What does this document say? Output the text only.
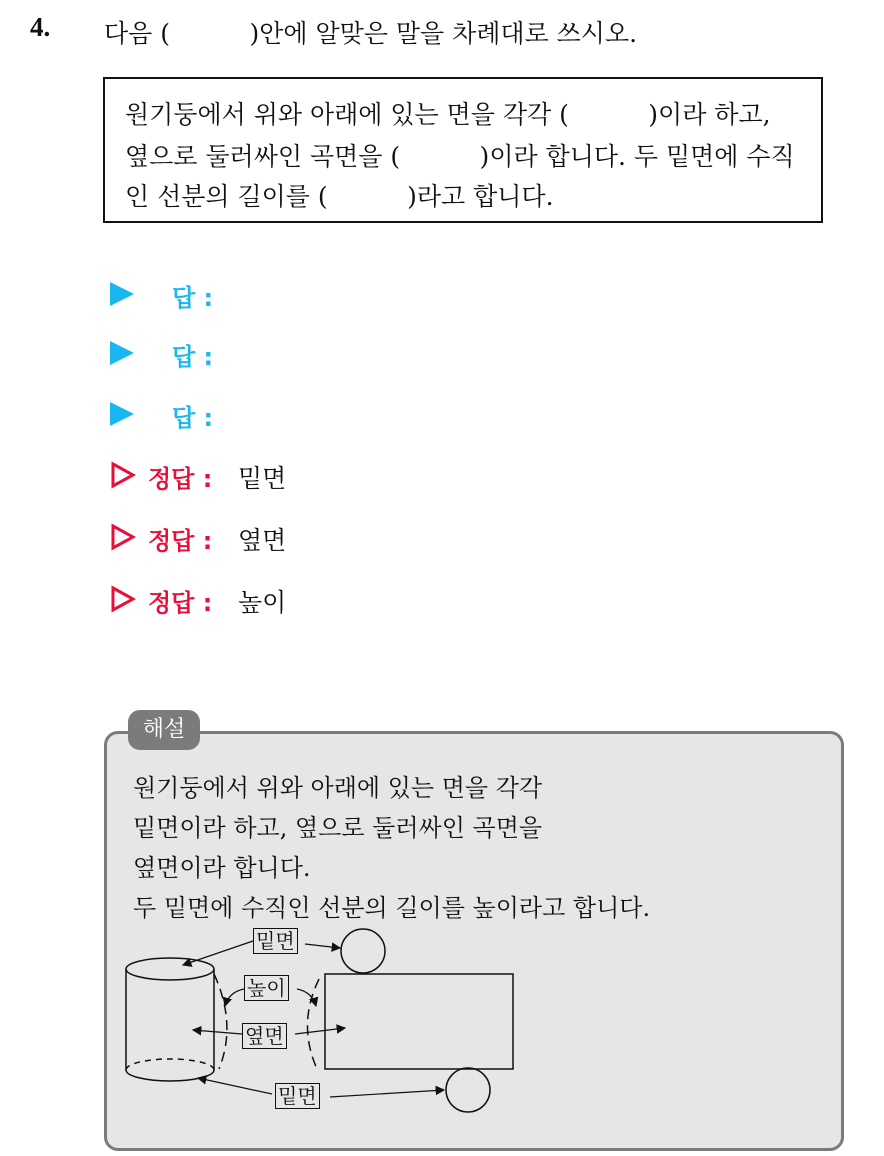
4. 다음 (          )안에 알맞은 말을 차례대로 쓰시오.
원기둥에서 위와 아래에 있는 면을 각각 (          )이라 하고,
옆으로 둘러싸인 곡면을 (          )이라 합니다. 두 밑면에 수직
인 선분의 길이를 (          )라고 합니다.
답 :
답 :
답 :
정답 : 밑면
정답 : 옆면
정답 : 높이
원기둥에서 위와 아래에 있는 면을 각각
밑면이라 하고, 옆으로 둘러싸인 곡면을
옆면이라 합니다.
두 밑면에 수직인 선분의 길이를 높이라고 합니다.
밑면
높이
옆면
밑면
해설
